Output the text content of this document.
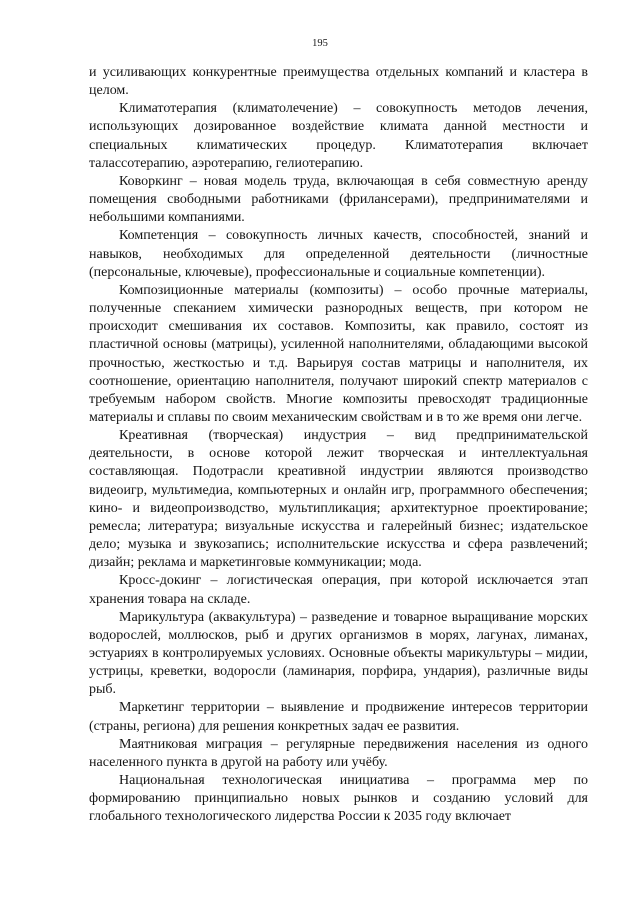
195

и усиливающих конкурентные преимущества отдельных компаний и кластера в целом.

Климатотерапия (климатолечение) – совокупность методов лечения, использующих дозированное воздействие климата данной местности и специальных климатических процедур. Климатотерапия включает талассотерапию, аэротерапию, гелиотерапию.

Коворкинг – новая модель труда, включающая в себя совместную аренду помещения свободными работниками (фрилансерами), предпринимателями и небольшими компаниями.

Компетенция – совокупность личных качеств, способностей, знаний и навыков, необходимых для определенной деятельности (личностные (персональные, ключевые), профессиональные и социальные компетенции).

Композиционные материалы (композиты) – особо прочные материалы, полученные спеканием химически разнородных веществ, при котором не происходит смешивания их составов. Композиты, как правило, состоят из пластичной основы (матрицы), усиленной наполнителями, обладающими высокой прочностью, жесткостью и т.д. Варьируя состав матрицы и наполнителя, их соотношение, ориентацию наполнителя, получают широкий спектр материалов с требуемым набором свойств. Многие композиты превосходят традиционные материалы и сплавы по своим механическим свойствам и в то же время они легче.

Креативная (творческая) индустрия – вид предпринимательской деятельности, в основе которой лежит творческая и интеллектуальная составляющая. Подотрасли креативной индустрии являются производство видеоигр, мультимедиа, компьютерных и онлайн игр, программного обеспечения; кино- и видеопроизводство, мультипликация; архитектурное проектирование; ремесла; литература; визуальные искусства и галерейный бизнес; издательское дело; музыка и звукозапись; исполнительские искусства и сфера развлечений; дизайн; реклама и маркетинговые коммуникации; мода.

Кросс-докинг – логистическая операция, при которой исключается этап хранения товара на складе.

Марикультура (аквакультура) – разведение и товарное выращивание морских водорослей, моллюсков, рыб и других организмов в морях, лагунах, лиманах, эстуариях в контролируемых условиях. Основные объекты марикультуры – мидии, устрицы, креветки, водоросли (ламинария, порфира, ундария), различные виды рыб.

Маркетинг территории – выявление и продвижение интересов территории (страны, региона) для решения конкретных задач ее развития.

Маятниковая миграция – регулярные передвижения населения из одного населенного пункта в другой на работу или учёбу.

Национальная технологическая инициатива – программа мер по формированию принципиально новых рынков и созданию условий для глобального технологического лидерства России к 2035 году включает
